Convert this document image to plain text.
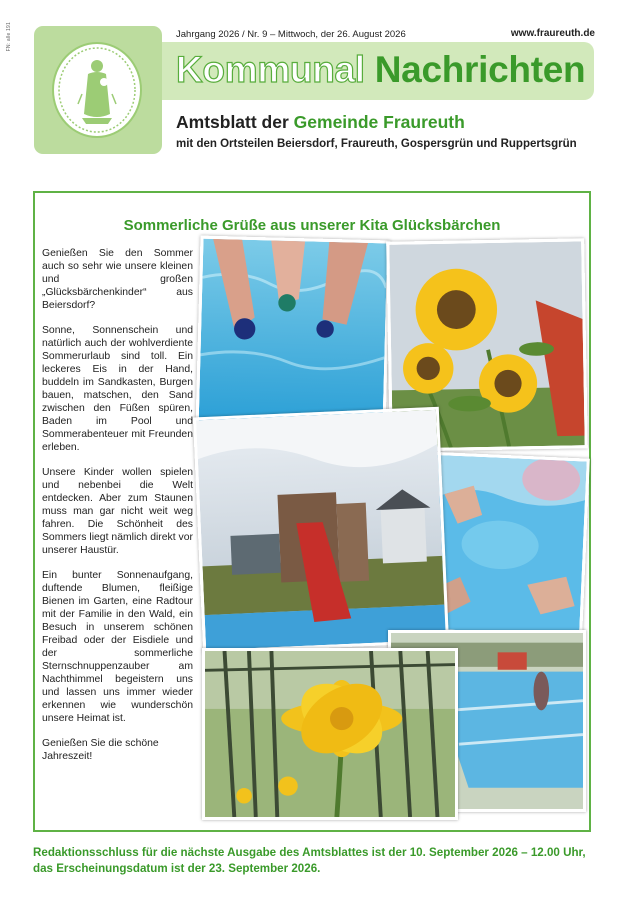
FN: alle 191	Jahrgang 2026 / Nr. 9 – Mittwoch, der 26. August 2026	www.fraureuth.de
Kommunal Nachrichten
Amtsblatt der Gemeinde Fraureuth
mit den Ortsteilen Beiersdorf, Fraureuth, Gospersgrün und Ruppertsgrün
Sommerliche Grüße aus unserer Kita Glücksbärchen

Genießen Sie den Sommer auch so sehr wie unsere kleinen und großen „Glücksbärchenkinder“ aus Beiersdorf?

Sonne, Sonnenschein und natürlich auch der wohlverdiente Sommerurlaub sind toll. Ein leckeres Eis in der Hand, buddeln im Sandkasten, Burgen bauen, matschen, den Sand zwischen den Füßen spüren, Baden im Pool und Sommerabenteuer mit Freunden erleben.

Unsere Kinder wollen spielen und nebenbei die Welt entdecken. Aber zum Staunen muss man gar nicht weit weg fahren. Die Schönheit des Sommers liegt nämlich direkt vor unserer Haustür.

Ein bunter Sonnenaufgang, duftende Blumen, fleißige Bienen im Garten, eine Radtour mit der Familie in den Wald, ein Besuch in unserem schönen Freibad oder der Eisdiele und der sommerliche Sternschnuppenzauber am Nachthimmel begeistern uns und lassen uns immer wieder erkennen wie wunderschön unsere Heimat ist.

Genießen Sie die schöne Jahreszeit!

Redaktionsschluss für die nächste Ausgabe des Amtsblattes ist der 10. September 2026 – 12.00 Uhr,
das Erscheinungsdatum ist der 23. September 2026.
